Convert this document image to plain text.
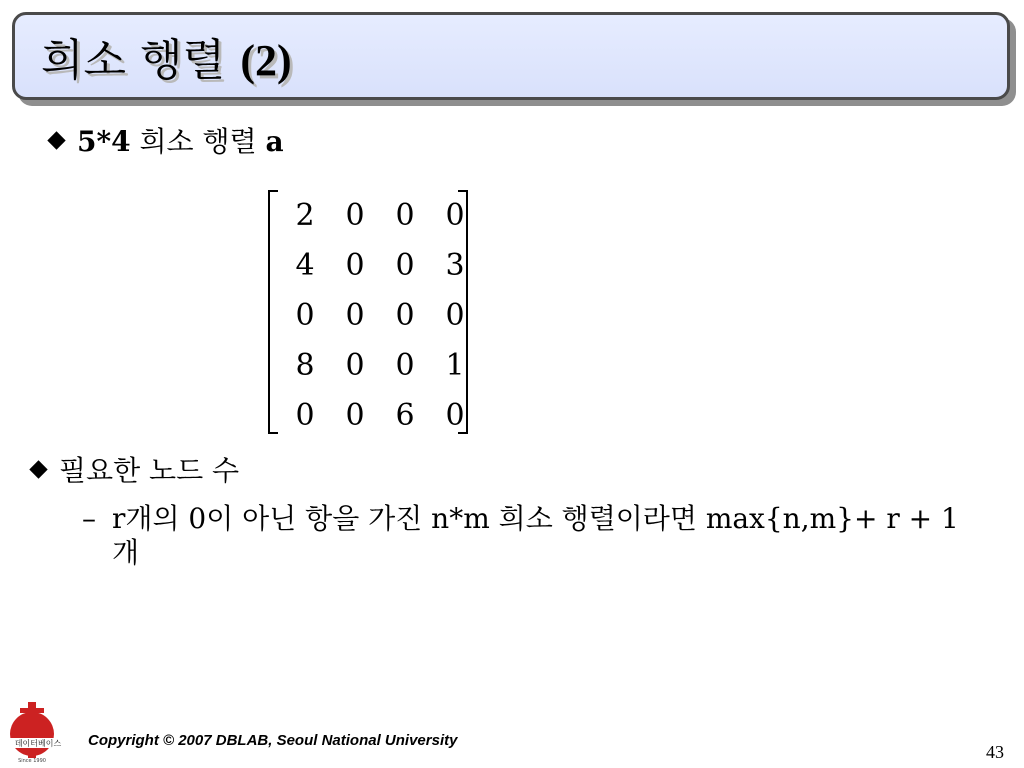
희소 행렬 (2)
5*4 희소 행렬 a
2	0	0	0
4	0	0	3
0	0	0	0
8	0	0	1
0	0	6	0
필요한 노드 수
– r개의 0이 아닌 항을 가진 n*m 희소 행렬이라면 max{n,m}+ r + 1 개
데이터베이스
Since 1990
Copyright © 2007 DBLAB, Seoul National University
43
